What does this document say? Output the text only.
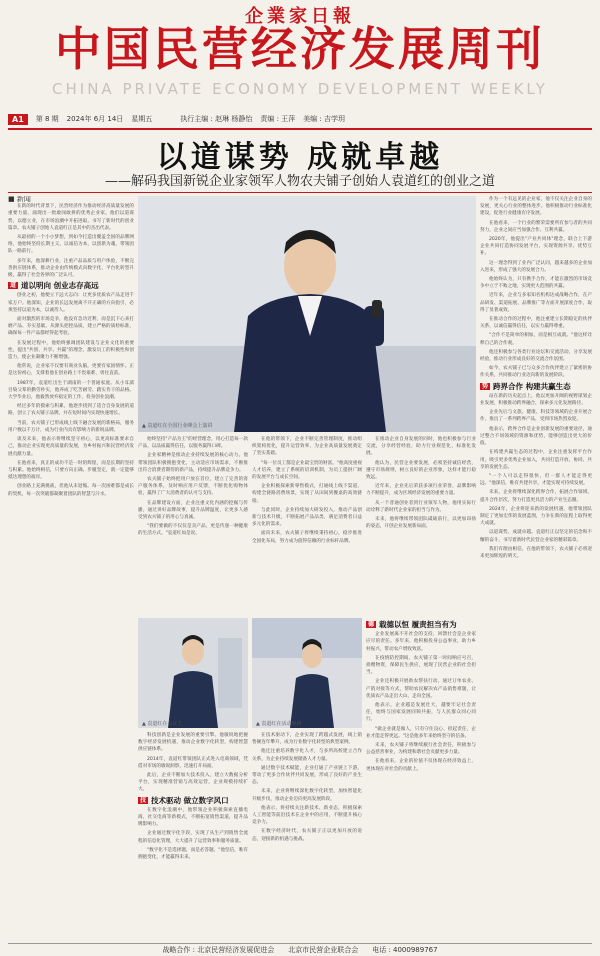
企業家日報
中国民营经济发展周刊
CHINA PRIVATE ECONOMY DEVELOPMENT WEEKLY
A1	第 8 期 2024年 6月 14日 星期五	执行主编 : 赵琳 杨静怡 责编 : 王萍 美编 : 吉学玥
以道谋势 成就卓越
——解码我国新锐企业家领军人物农夫铺子创始人袁道红的创业之道
■ 新闻

在新的时代背景下，民营经济作为推动经济高质量发展的重要力量，涌现出一批敢闯敢拼的优秀企业家。他们以道谋势，以德立业，在市场浪潮中开拓进取，书写了新时代的创业篇章。农夫铺子创始人袁道红正是其中的杰出代表。

从最初的一个小小梦想，到如今打造出覆盖全国的品牌网络，他始终坚持长期主义，以诚信为本，以创新为魂，带领团队一路前行。

多年来，他深耕行业，注重产品品质与用户体验，不断完善供应链体系，推动企业由传统模式向数字化、平台化转型升级，赢得了社会各界的广泛认可。

道 道以明向 创业志存高远

创业之初，他便立下远大志向：让更多优质农产品走进千家万户。他深知，企业的长远发展离不开正确的方向指引，必须坚持以道为本，以诚待人。

面对激烈的市场竞争，他没有急功近利，而是沉下心来打磨产品、夯实基础。从源头把控品质，建立严格的质检标准，确保每一件产品都经得起考验。

在发展过程中，他始终强调团队建设与企业文化的重要性，提出"共创、共享、共赢"的理念，激发员工的积极性和创造力，使企业凝聚力不断增强。

他常说，企业家不仅要有商业头脑，更要有家国情怀。正是这份初心，支撑着他在创业路上不畏艰难、勇往直前。

1987年，袁道红出生于湖南的一个普通家庭。从小耳濡目染父辈的勤劳朴实，他养成了吃苦耐劳、踏实肯干的品格。大学毕业后，他毅然放弃稳定的工作，投身创业浪潮。

经过多年的摸索与积累，他逐步找到了适合自身发展的道路，创立了农夫铺子品牌，并在短时间内实现快速增长。

当前，农夫铺子已形成线上线下融合发展的新格局，服务用户数以千万计，成为行业内具有影响力的新锐品牌。

谈及未来，他表示将继续坚守初心，以更高标准要求自己，推动企业实现更高质量的发展，为乡村振兴和民营经济发展贡献力量。

在他看来，真正的成功不是一时的辉煌，而是长期的坚持与积累。他始终相信，只要方向正确、步履坚定，就一定能够抵达理想的彼岸。

创业路上充满挑战，但他从未退缩。每一次困难都是成长的契机，每一次突破都凝聚着团队的智慧与汗水。

▲ 袁道红在全国行业峰会上演讲

始终坚持"产品为王"的经营理念，用心打造每一款产品，以品质赢得信任，以服务赢得口碑。

企业家精神是推动企业持续发展的核心动力。他带领团队积极拥抱变化，主动适应市场需求，不断推出符合消费者期待的新产品，持续提升品牌竞争力。

农夫铺子始终把用户放在首位，建立了完善的客户服务体系，及时响应用户反馈，不断优化购物体验，赢得了广大消费者的认可与支持。

在品牌建设方面，企业注重文化内涵的挖掘与传播，通过讲好品牌故事，提升品牌温度，让更多人感受到农夫铺子的用心与真诚。

"我们要做的不仅仅是卖产品，更是传递一种健康的生活方式。"袁道红如是说。

在他的带领下，企业不断完善管理制度，推动组织架构优化，提升运营效率，为企业高质量发展奠定了坚实基础。

"每一位员工都是企业最宝贵的财富。"他高度重视人才培养，建立了系统的培训机制，为员工提供广阔的发展平台与成长空间。

企业积极探索新零售模式，打通线上线下渠道，构建全链路消费场景，实现了从田间到餐桌的高效链接。

与此同时，企业持续加大研发投入，推动产品创新与技术升级，不断拓展产品品类，满足消费者日益多元化的需求。

面向未来，农夫铺子将继续秉持初心，稳步推进全国化布局，努力成为值得信赖的行业标杆品牌。

在推动企业自身发展的同时，他也积极参与行业交流，分享经营经验，助力行业规范化、标准化发展。

他认为，民营企业要发展，必须坚持诚信经营，遵守市场规则，树立良好的企业形象，这样才能行稳致远。

近年来，企业先后荣获多项行业荣誉，品牌影响力不断提升，成为区域经济发展的重要力量。

从一个普通创业者到行业领军人物，他用实际行动诠释了新时代企业家的担当与作为。

未来，他将继续带领团队砥砺前行，以更加昂扬的姿态，开创企业发展新局面。

▲ 袁道红在会议上	▲ 袁道红在活动现场
德 载德以恒 履责担当有为

企业发展离不开社会的支持，回馈社会是企业家应尽的责任。多年来，他积极投身公益事业，助力乡村振兴，带动农户增收致富。

在疫情防控期间，农夫铺子第一时间响应号召，捐赠物资，保障民生供应，展现了民营企业的社会担当。

企业还积极开展助农帮扶行动，通过订单农业、产销对接等方式，帮助农民解决农产品销售难题，让优质农产品走出大山、走向全国。

他表示，企业越是发展壮大，越要牢记社会责任，始终与国家发展同频共振，与人民群众同心同行。

"做企业就是做人，只有守住良心、担起责任，企业才能走得更远。"这是他多年来始终坚守的信条。

未来，农夫铺子将继续履行社会责任，积极参与公益慈善事业，为构建和谐社会贡献更多力量。

在他看来，企业的价值不仅体现在经济效益上，更体现在对社会的贡献上。

科技创新是企业发展的重要引擎。他敏锐地把握数字经济发展机遇，推动企业数字化转型，构建智慧供应链体系。

2014年，袁道红带领团队正式进入电商领域，凭借对市场的敏锐洞察，迅速打开局面。

此后，企业不断加大技术投入，建立大数据分析平台，实现精准营销与高效运营，企业规模持续扩大。

技 技术驱动 做立数字风口

在数字化浪潮中，他带领企业积极探索直播电商、社交电商等新模式，不断拓宽销售渠道，提升品牌影响力。

企业通过数字化手段，实现了从生产到销售全流程的信息化管理，大大提升了运营效率和服务质量。

"数字化不是选择题，而是必答题。"他坚信，唯有拥抱变化，才能赢得未来。

在技术驱动下，企业实现了跨越式发展，线上销售额连年攀升，成为行业数字化转型的典型案例。

他还注重培养数字化人才，与多所高校建立合作关系，为企业持续发展储备人才力量。

通过数字技术赋能，企业打通了产业链上下游，带动了更多合作伙伴共同发展，形成了良好的产业生态。

未来，企业将继续深化数字化转型，加快智能化升级步伐，推动企业迈向更高发展阶段。

他表示，将持续关注新技术、新业态，积极探索人工智能等前沿技术在企业中的应用，不断提升核心竞争力。

在数字经济时代，农夫铺子正以更加开放的姿态，迎接新的机遇与挑战。

作为一个有远见的企业家，他不仅关注企业自身的发展，更关心行业的整体进步。他积极推动行业标准化建设，促进行业健康有序发展。

在他看来，一个行业的繁荣需要所有参与者的共同努力，企业之间应当加强合作、互利共赢。

2020年，他提出"产业共同体"理念，联合上下游企业共同打造协同发展平台，实现资源共享、优势互补。

这一理念得到了业内广泛认同，越来越多的企业加入进来，形成了强大的发展合力。

他始终认为，只有携手合作，才能在激烈的市场竞争中立于不败之地，实现更大范围的共赢。

近年来，企业与多家知名机构达成战略合作，在产品研发、渠道拓展、品牌推广等方面开展深度合作，取得了显著成效。

在推动合作的过程中，他注重建立长期稳定的伙伴关系，以诚信赢得信任，以实力赢得尊重。

"合作不是简单的相加，而是相互成就。"他这样诠释自己的合作观。

他还积极参与各类行业论坛和交流活动，分享发展经验，推动行业形成良好的交流合作氛围。

如今，农夫铺子已与众多合作伙伴建立了紧密的协作关系，共同推动行业迈向新的发展阶段。

势 跨界合作 构建共赢生态

站在新的历史起点上，他以更加开阔的视野谋划企业发展，积极推动跨界融合，探索多元化发展路径。

企业先后与文旅、健康、科技等领域的企业开展合作，推出了一系列跨界产品，受到市场热烈欢迎。

他表示，跨界合作是企业创新发展的重要途径，通过整合不同领域的资源和优势，能够创造出更大的价值。

在构建共赢生态的过程中，企业注重发挥平台作用，吸引更多优秀企业加入，共同打造开放、协同、共享的发展生态。

"一个人可以走得很快，但一群人才能走得更远。"他深信，唯有共建共享，才能实现可持续发展。

未来，企业将继续深化跨界合作，拓展合作领域，提升合作层次，努力打造更具活力的产业生态圈。

2024年，企业将迎来新的发展机遇，他带领团队制定了更加宏伟的发展蓝图，力争在新的征程上取得更大成就。

以道谋势，成就卓越。袁道红正以坚定的信念和不懈的奋斗，书写着新时代民营企业家的精彩篇章。

我们有理由相信，在他的带领下，农夫铺子必将迎来更加辉煌的明天。

战略合作 : 北京民营经济发展促进会 北京市民营企业联合会 电话 : 4000989767
